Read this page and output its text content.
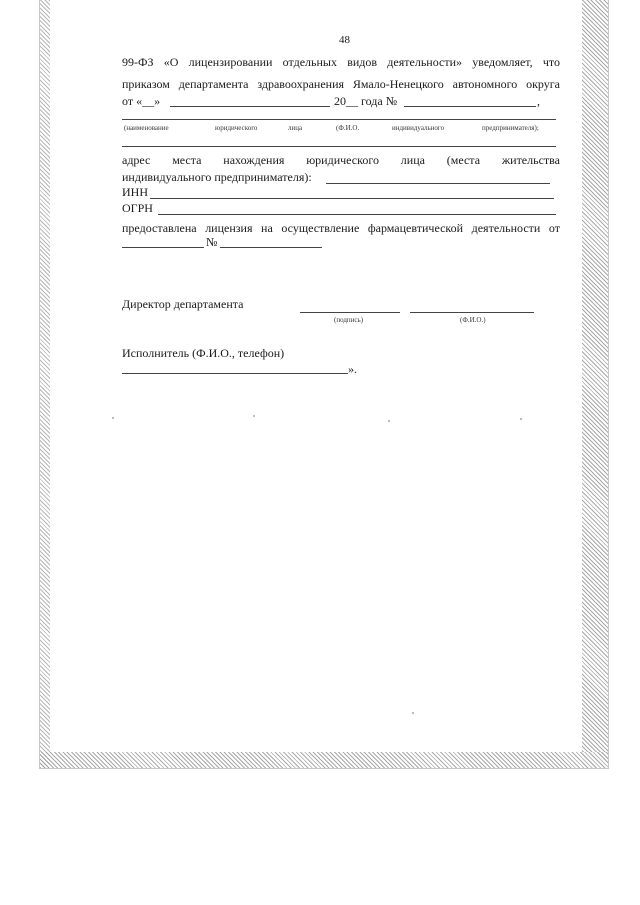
48
99-ФЗ «О лицензировании отдельных видов деятельности» уведомляет, что
приказом департамента здравоохранения Ямало-Ненецкого автономного округа
от «__»	20__ года №	,
(наименование	юридического	лица	(Ф.И.О.	индивидуального	предпринимателя);
адрес места нахождения юридического лица (места жительства
индивидуального предпринимателя):
ИНН
ОГРН
предоставлена лицензия на осуществление фармацевтической деятельности от
№
Директор департамента
(подпись)	(Ф.И.О.)
Исполнитель (Ф.И.О., телефон)
».
